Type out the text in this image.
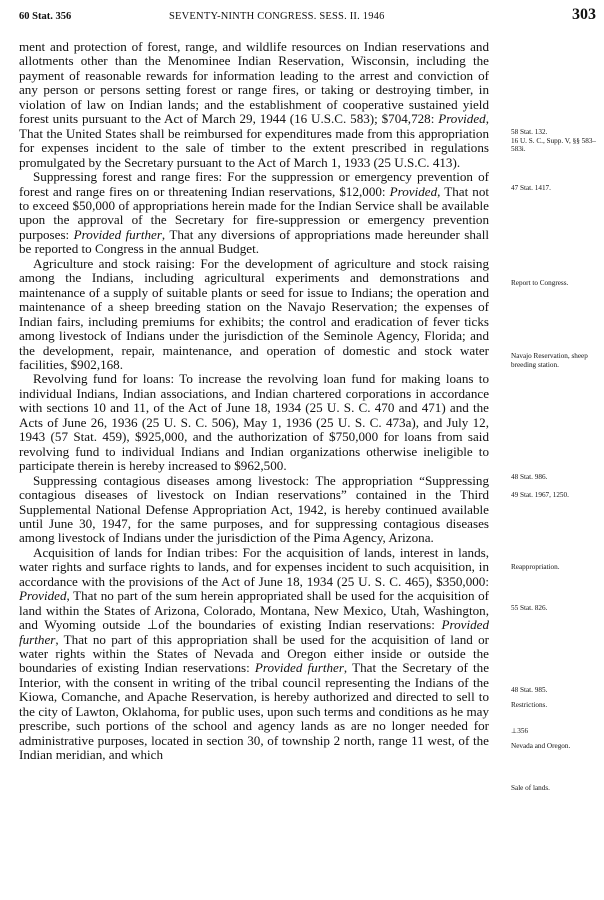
60 Stat. 356	SEVENTY-NINTH CONGRESS. SESS. II. 1946	303

ment and protection of forest, range, and wildlife resources on Indian reservations and allotments other than the Menominee Indian Reservation, Wisconsin, including the payment of reasonable rewards for information leading to the arrest and conviction of any person or persons setting forest or range fires, or taking or destroying timber, in violation of law on Indian lands; and the establishment of cooperative sustained yield forest units pursuant to the Act of March 29, 1944 (16 U.S.C. 583); $704,728: Provided, That the United States shall be reimbursed for expenditures made from this appropriation for expenses incident to the sale of timber to the extent prescribed in regulations promulgated by the Secretary pursuant to the Act of March 1, 1933 (25 U.S.C. 413).

Suppressing forest and range fires: For the suppression or emergency prevention of forest and range fires on or threatening Indian reservations, $12,000: Provided, That not to exceed $50,000 of appropriations herein made for the Indian Service shall be available upon the approval of the Secretary for fire-suppression or emergency prevention purposes: Provided further, That any diversions of appropriations made hereunder shall be reported to Congress in the annual Budget.

Agriculture and stock raising: For the development of agriculture and stock raising among the Indians, including agricultural experiments and demonstrations and maintenance of a supply of suitable plants or seed for issue to Indians; the operation and maintenance of a sheep breeding station on the Navajo Reservation; the expenses of Indian fairs, including premiums for exhibits; the control and eradication of fever ticks among livestock of Indians under the jurisdiction of the Seminole Agency, Florida; and the development, repair, maintenance, and operation of domestic and stock water facilities, $902,168.

Revolving fund for loans: To increase the revolving loan fund for making loans to individual Indians, Indian associations, and Indian chartered corporations in accordance with sections 10 and 11, of the Act of June 18, 1934 (25 U. S. C. 470 and 471) and the Acts of June 26, 1936 (25 U. S. C. 506), May 1, 1936 (25 U. S. C. 473a), and July 12, 1943 (57 Stat. 459), $925,000, and the authorization of $750,000 for loans from said revolving fund to individual Indians and Indian organizations otherwise ineligible to participate therein is hereby increased to $962,500.

Suppressing contagious diseases among livestock: The appropriation “Suppressing contagious diseases of livestock on Indian reservations” contained in the Third Supplemental National Defense Appropriation Act, 1942, is hereby continued available until June 30, 1947, for the same purposes, and for suppressing contagious diseases among livestock of Indians under the jurisdiction of the Pima Agency, Arizona.

Acquisition of lands for Indian tribes: For the acquisition of lands, interest in lands, water rights and surface rights to lands, and for expenses incident to such acquisition, in accordance with the provisions of the Act of June 18, 1934 (25 U. S. C. 465), $350,000: Provided, That no part of the sum herein appropriated shall be used for the acquisition of land within the States of Arizona, Colorado, Montana, New Mexico, Utah, Washington, and Wyoming outside ⊥of the boundaries of existing Indian reservations: Provided further, That no part of this appropriation shall be used for the acquisition of land or water rights within the States of Nevada and Oregon either inside or outside the boundaries of existing Indian reservations: Provided further, That the Secretary of the Interior, with the consent in writing of the tribal council representing the Indians of the Kiowa, Comanche, and Apache Reservation, is hereby authorized and directed to sell to the city of Lawton, Oklahoma, for public uses, upon such terms and conditions as he may prescribe, such portions of the school and agency lands as are no longer needed for administrative purposes, located in section 30, of township 2 north, range 11 west, of the Indian meridian, and which

58 Stat. 132.
16 U. S. C., Supp. V, §§ 583–583i.
47 Stat. 1417.
Report to Congress.
Navajo Reservation, sheep breeding station.
48 Stat. 986.
49 Stat. 1967, 1250.
Reappropriation.
55 Stat. 826.
48 Stat. 985.
Restrictions.
⊥356
Nevada and Oregon.
Sale of lands.
